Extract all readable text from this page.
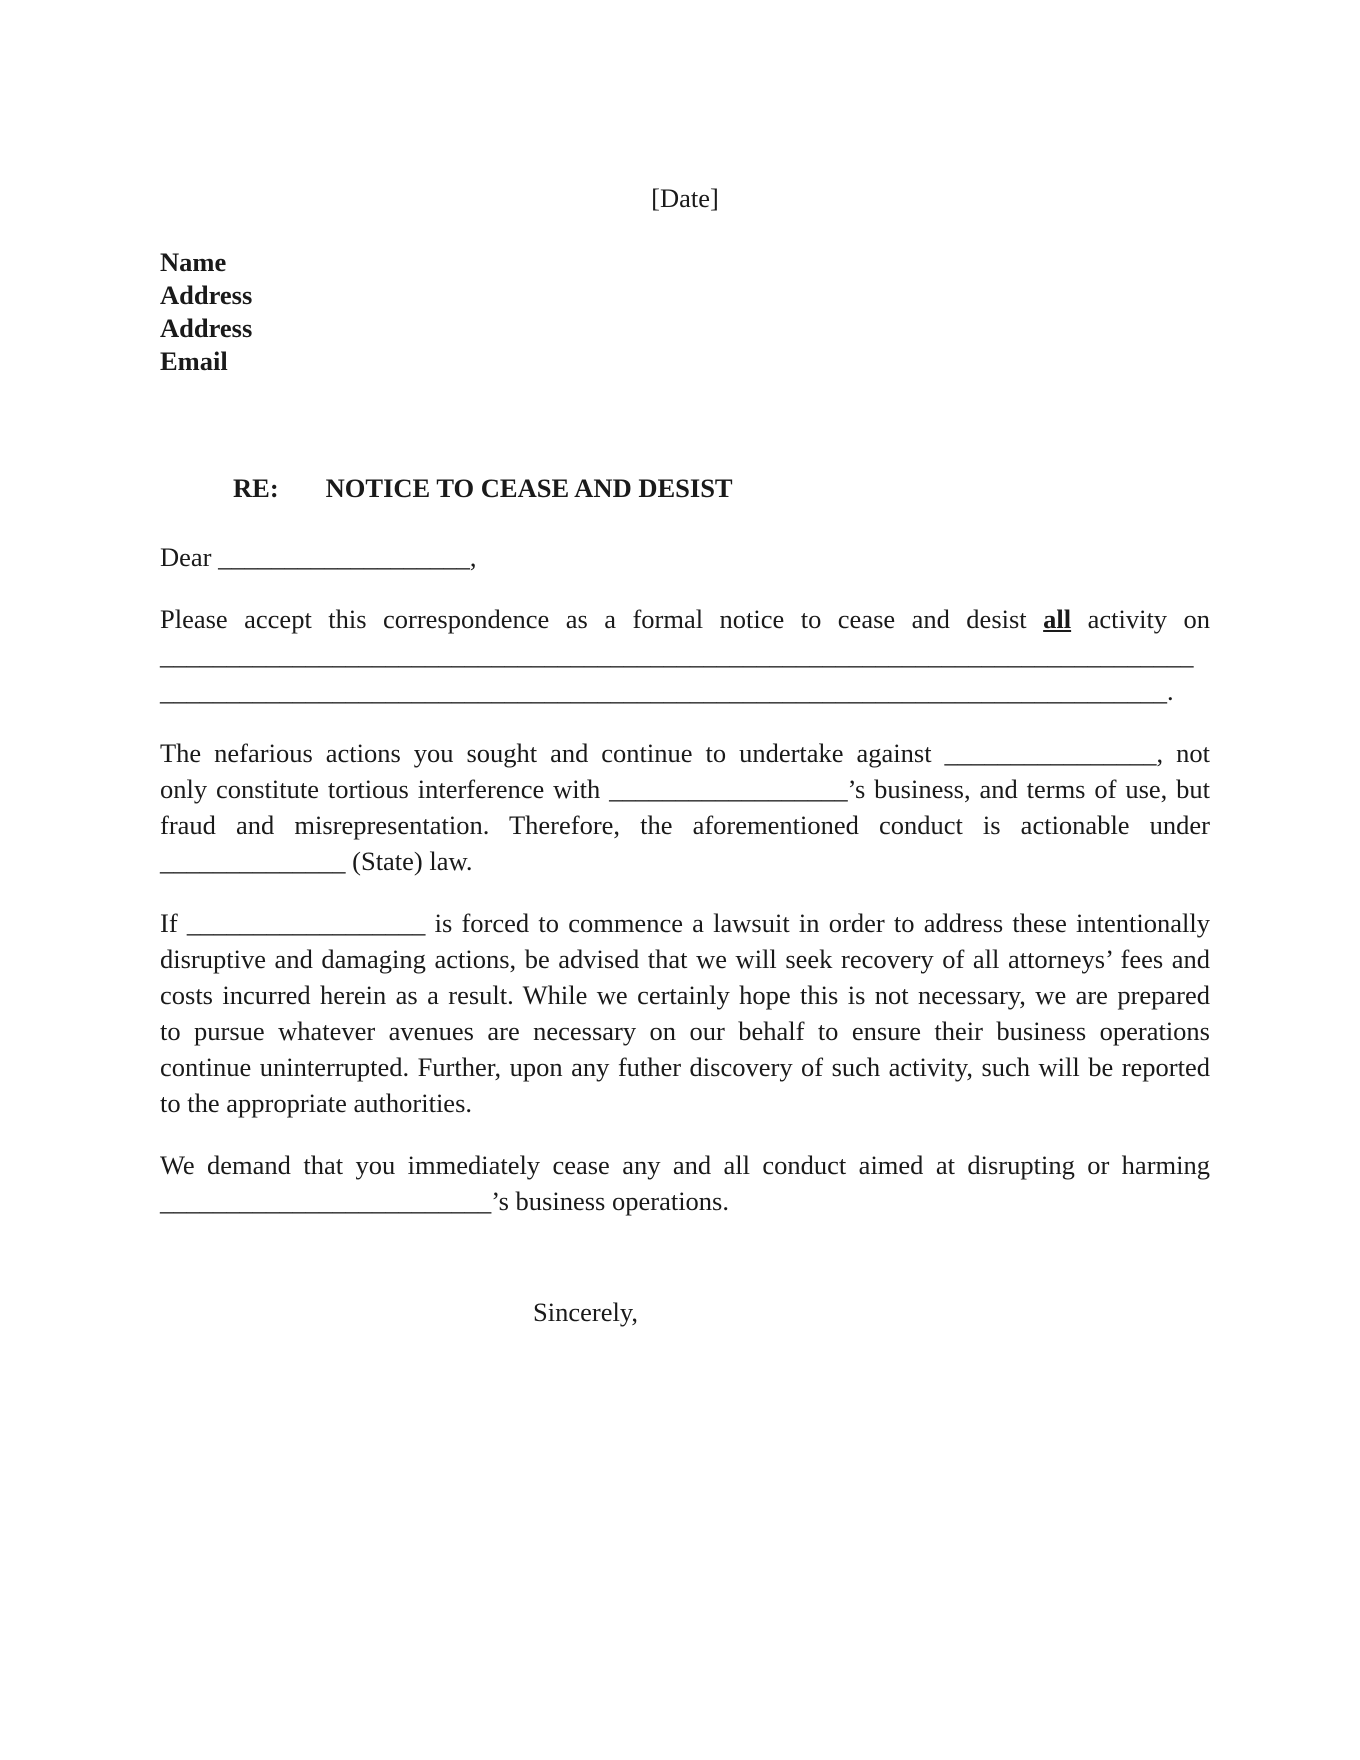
[Date]
Name
Address
Address
Email
RE: NOTICE TO CEASE AND DESIST
Dear ___________________,
Please accept this correspondence as a formal notice to cease and desist all activity on
______________________________________________________________________________
____________________________________________________________________________.
The nefarious actions you sought and continue to undertake against ________________, not
only constitute tortious interference with __________________’s business, and terms of use, but
fraud and misrepresentation. Therefore, the aforementioned conduct is actionable under
______________ (State) law.
If __________________ is forced to commence a lawsuit in order to address these intentionally
disruptive and damaging actions, be advised that we will seek recovery of all attorneys’ fees and
costs incurred herein as a result. While we certainly hope this is not necessary, we are prepared
to pursue whatever avenues are necessary on our behalf to ensure their business operations
continue uninterrupted. Further, upon any futher discovery of such activity, such will be reported
to the appropriate authorities.
We demand that you immediately cease any and all conduct aimed at disrupting or harming
_________________________’s business operations.
Sincerely,
